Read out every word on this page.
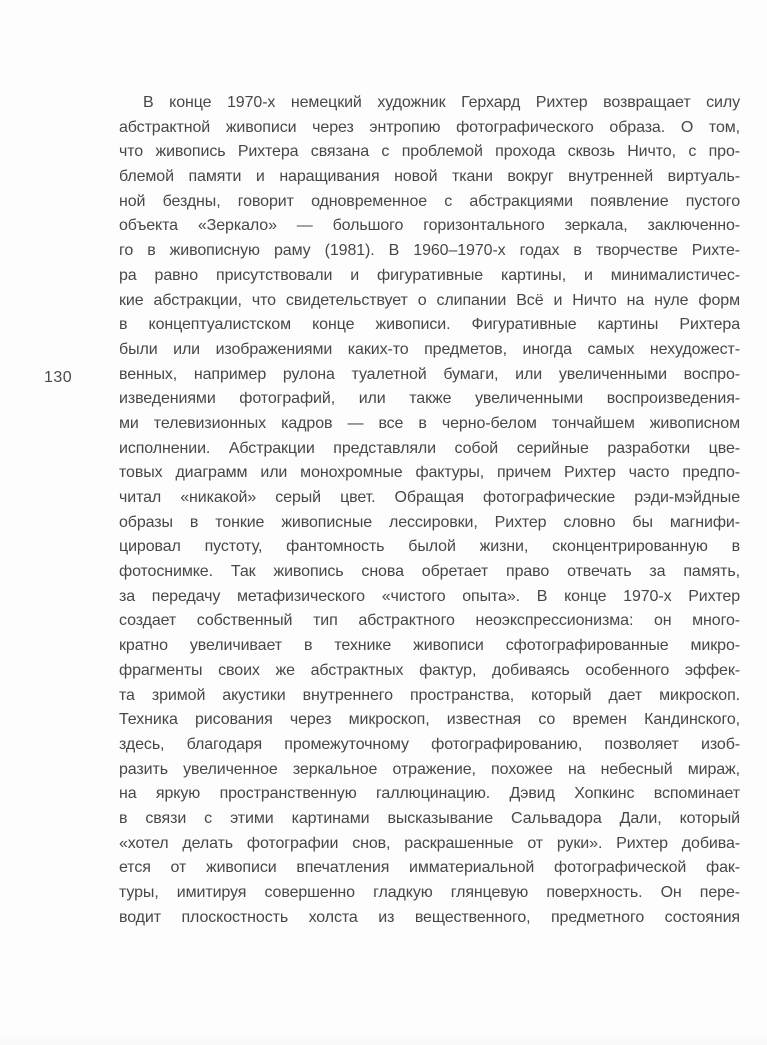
130
В конце 1970-х немецкий художник Герхард Рихтер возвращает силу
абстрактной живописи через энтропию фотографического образа. О том,
что живопись Рихтера связана с проблемой прохода сквозь Ничто, с про-
блемой памяти и наращивания новой ткани вокруг внутренней виртуаль-
ной бездны, говорит одновременное с абстракциями появление пустого
объекта «Зеркало» — большого горизонтального зеркала, заключенно-
го в живописную раму (1981). В 1960–1970-х годах в творчестве Рихте-
ра равно присутствовали и фигуративные картины, и минималистичес-
кие абстракции, что свидетельствует о слипании Всё и Ничто на нуле форм
в концептуалистском конце живописи. Фигуративные картины Рихтера
были или изображениями каких-то предметов, иногда самых нехудожест-
венных, например рулона туалетной бумаги, или увеличенными воспро-
изведениями фотографий, или также увеличенными воспроизведения-
ми телевизионных кадров — все в черно-белом тончайшем живописном
исполнении. Абстракции представляли собой серийные разработки цве-
товых диаграмм или монохромные фактуры, причем Рихтер часто предпо-
читал «никакой» серый цвет. Обращая фотографические рэди-мэйдные
образы в тонкие живописные лессировки, Рихтер словно бы магнифи-
цировал пустоту, фантомность былой жизни, сконцентрированную в
фотоснимке. Так живопись снова обретает право отвечать за память,
за передачу метафизического «чистого опыта». В конце 1970-х Рихтер
создает собственный тип абстрактного неоэкспрессионизма: он много-
кратно увеличивает в технике живописи сфотографированные микро-
фрагменты своих же абстрактных фактур, добиваясь особенного эффек-
та зримой акустики внутреннего пространства, который дает микроскоп.
Техника рисования через микроскоп, известная со времен Кандинского,
здесь, благодаря промежуточному фотографированию, позволяет изоб-
разить увеличенное зеркальное отражение, похожее на небесный мираж,
на яркую пространственную галлюцинацию. Дэвид Хопкинс вспоминает
в связи с этими картинами высказывание Сальвадора Дали, который
«хотел делать фотографии снов, раскрашенные от руки». Рихтер добива-
ется от живописи впечатления имматериальной фотографической фак-
туры, имитируя совершенно гладкую глянцевую поверхность. Он пере-
водит плоскостность холста из вещественного, предметного состояния
